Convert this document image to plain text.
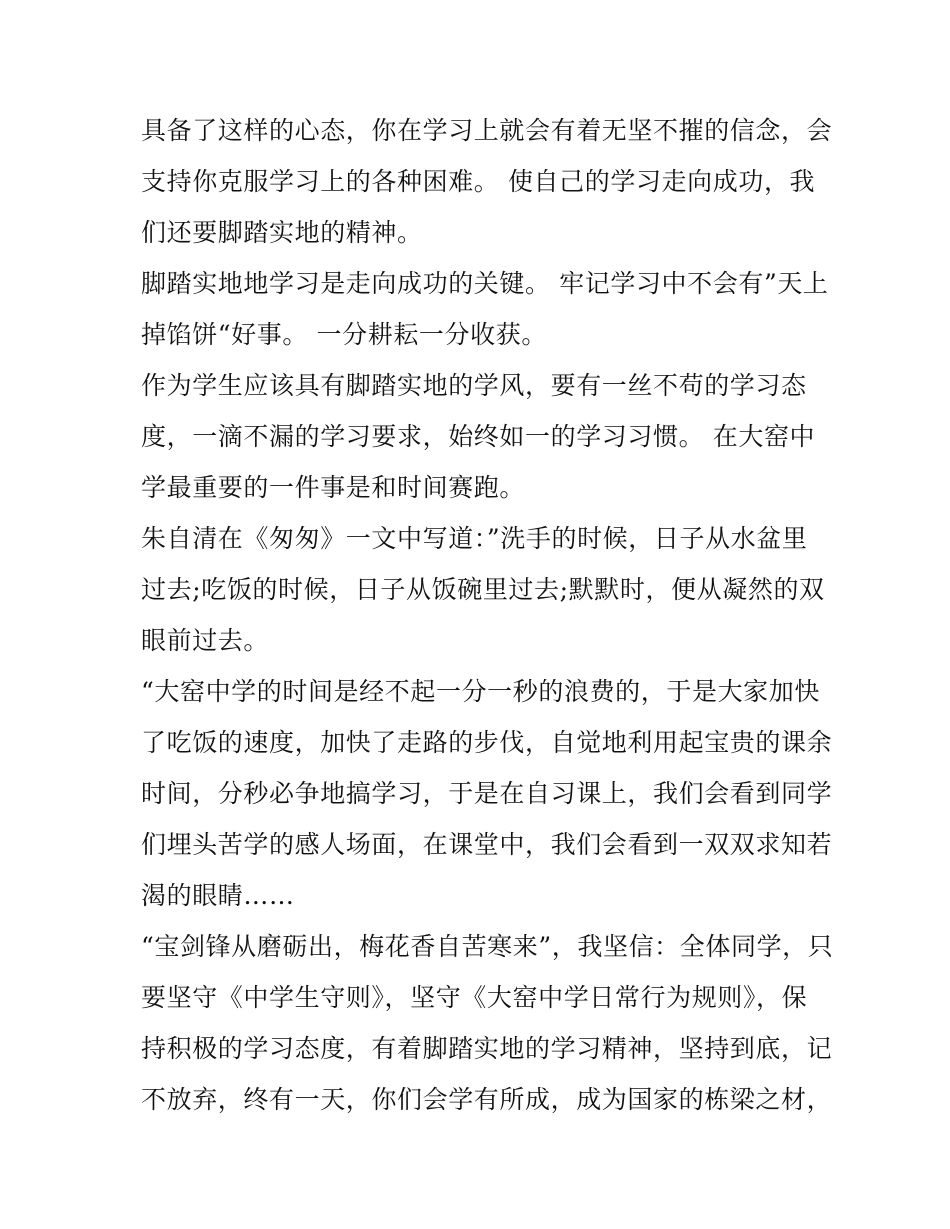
具备了这样的心态，你在学习上就会有着无坚不摧的信念，会
支持你克服学习上的各种困难。 使自己的学习走向成功，我
们还要脚踏实地的精神。
脚踏实地地学习是走向成功的关键。 牢记学习中不会有”天上
掉馅饼“好事。 一分耕耘一分收获。
作为学生应该具有脚踏实地的学风，要有一丝不苟的学习态
度，一滴不漏的学习要求，始终如一的学习习惯。 在大窑中
学最重要的一件事是和时间赛跑。
朱自清在《匆匆》一文中写道：”洗手的时候，日子从水盆里
过去;吃饭的时候，日子从饭碗里过去;默默时，便从凝然的双
眼前过去。
“大窑中学的时间是经不起一分一秒的浪费的，于是大家加快
了吃饭的速度，加快了走路的步伐，自觉地利用起宝贵的课余
时间，分秒必争地搞学习，于是在自习课上，我们会看到同学
们埋头苦学的感人场面，在课堂中，我们会看到一双双求知若
渴的眼睛……
“宝剑锋从磨砺出，梅花香自苦寒来”，我坚信：全体同学，只
要坚守《中学生守则》，坚守《大窑中学日常行为规则》，保
持积极的学习态度，有着脚踏实地的学习精神，坚持到底，记
不放弃，终有一天，你们会学有所成，成为国家的栋梁之材，
